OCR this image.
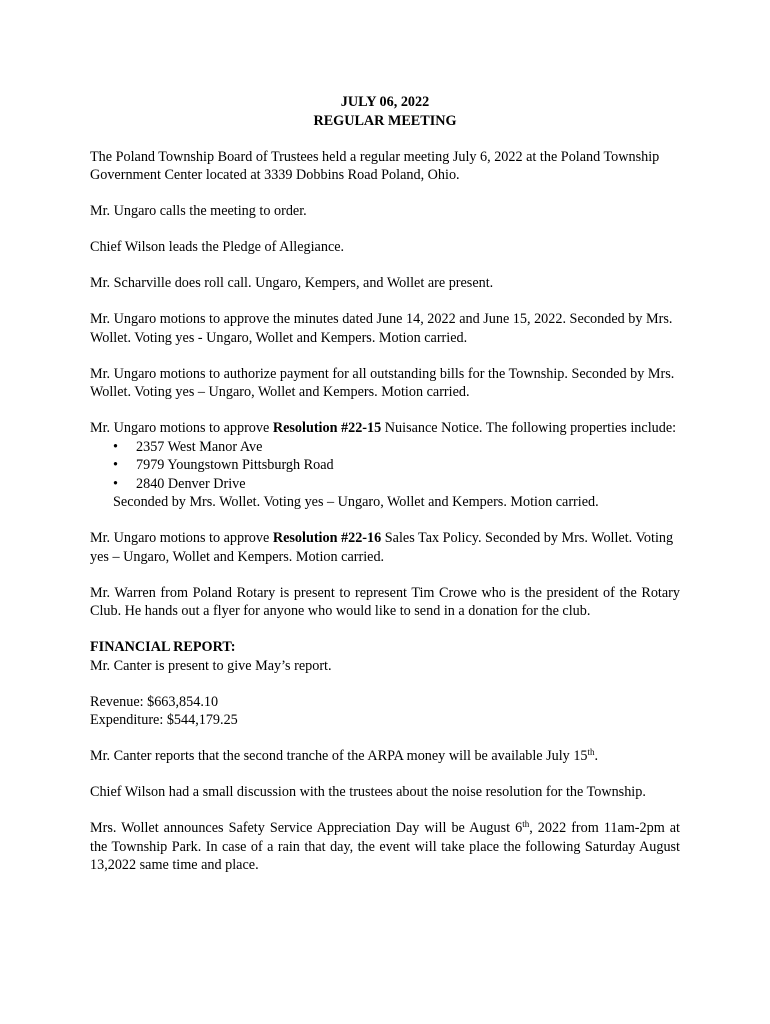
JULY 06, 2022

REGULAR MEETING

The Poland Township Board of Trustees held a regular meeting July 6, 2022 at the Poland Township Government Center located at 3339 Dobbins Road Poland, Ohio.

Mr. Ungaro calls the meeting to order.

Chief Wilson leads the Pledge of Allegiance.

Mr. Scharville does roll call. Ungaro, Kempers, and Wollet are present.

Mr. Ungaro motions to approve the minutes dated June 14, 2022 and June 15, 2022. Seconded by Mrs. Wollet. Voting yes - Ungaro, Wollet and Kempers. Motion carried.

Mr. Ungaro motions to authorize payment for all outstanding bills for the Township. Seconded by Mrs. Wollet. Voting yes – Ungaro, Wollet and Kempers. Motion carried.

Mr. Ungaro motions to approve Resolution #22-15 Nuisance Notice. The following properties include:

• 2357 West Manor Ave
• 7979 Youngstown Pittsburgh Road
• 2840 Denver Drive

Seconded by Mrs. Wollet. Voting yes – Ungaro, Wollet and Kempers. Motion carried.

Mr. Ungaro motions to approve Resolution #22-16 Sales Tax Policy. Seconded by Mrs. Wollet. Voting yes – Ungaro, Wollet and Kempers. Motion carried.

Mr. Warren from Poland Rotary is present to represent Tim Crowe who is the president of the Rotary Club. He hands out a flyer for anyone who would like to send in a donation for the club.

FINANCIAL REPORT:

Mr. Canter is present to give May’s report.

Revenue: $663,854.10

Expenditure: $544,179.25

Mr. Canter reports that the second tranche of the ARPA money will be available July 15th.

Chief Wilson had a small discussion with the trustees about the noise resolution for the Township.

Mrs. Wollet announces Safety Service Appreciation Day will be August 6th, 2022 from 11am-2pm at the Township Park. In case of a rain that day, the event will take place the following Saturday August 13,2022 same time and place.
